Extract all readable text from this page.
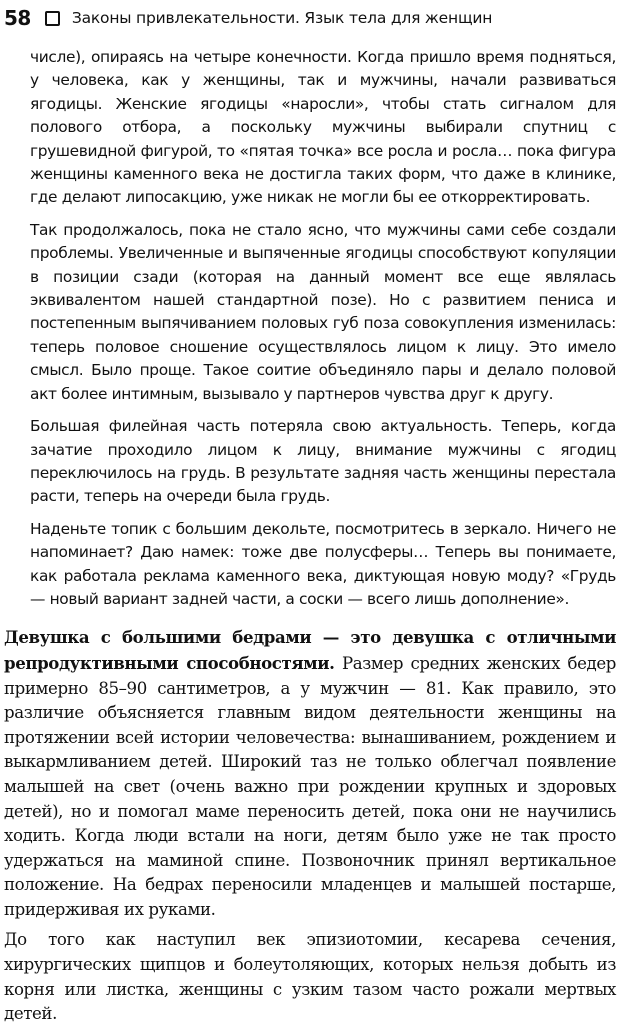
58	Законы привлекательности. Язык тела для женщин

числе), опираясь на четыре конечности. Когда пришло время подняться, у человека, как у женщины, так и мужчины, начали развиваться ягодицы. Женские ягодицы «наросли», чтобы стать сигналом для полового отбора, а поскольку мужчины выбирали спутниц с грушевидной фигурой, то «пятая точка» все росла и росла… пока фигура женщины каменного века не достигла таких форм, что даже в клинике, где делают липосакцию, уже никак не могли бы ее откорректировать.

Так продолжалось, пока не стало ясно, что мужчины сами себе создали проблемы. Увеличенные и выпяченные ягодицы способствуют копуляции в позиции сзади (которая на данный момент все еще являлась эквивалентом нашей стандартной позе). Но с развитием пениса и постепенным выпячиванием половых губ поза совокупления изменилась: теперь половое сношение осуществлялось лицом к лицу. Это имело смысл. Было проще. Такое соитие объединяло пары и делало половой акт более интимным, вызывало у партнеров чувства друг к другу.

Большая филейная часть потеряла свою актуальность. Теперь, когда зачатие проходило лицом к лицу, внимание мужчины с ягодиц переключилось на грудь. В результате задняя часть женщины перестала расти, теперь на очереди была грудь.

Наденьте топик с большим декольте, посмотритесь в зеркало. Ничего не напоминает? Даю намек: тоже две полусферы… Теперь вы понимаете, как работала реклама каменного века, диктующая новую моду? «Грудь — новый вариант задней части, а соски — всего лишь дополнение».

Девушка с большими бедрами — это девушка с отличными репродуктивными способностями. Размер средних женских бедер примерно 85–90 сантиметров, а у мужчин — 81. Как правило, это различие объясняется главным видом деятельности женщины на протяжении всей истории человечества: вынашиванием, рождением и выкармливанием детей. Широкий таз не только облегчал появление малышей на свет (очень важно при рождении крупных и здоровых детей), но и помогал маме переносить детей, пока они не научились ходить. Когда люди встали на ноги, детям было уже не так просто удержаться на маминой спине. Позвоночник принял вертикальное положение. На бедрах переносили младенцев и малышей постарше, придерживая их руками.

До того как наступил век эпизиотомии, кесарева сечения, хирургических щипцов и болеутоляющих, которых нельзя добыть из корня или листка, женщины с узким тазом часто рожали мертвых детей.
